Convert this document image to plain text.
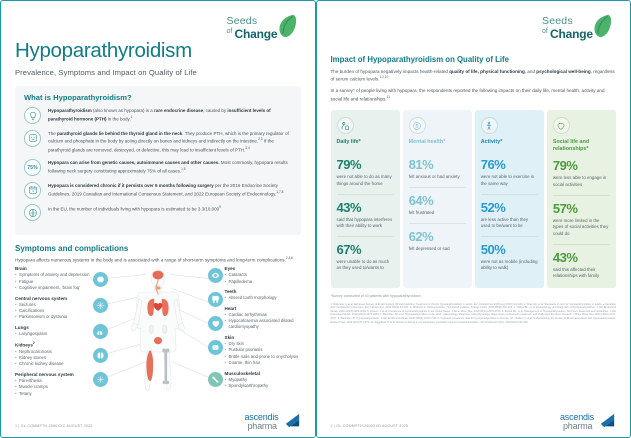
Seeds
of Change
Hypoparathyroidism
Prevalence, Symptoms and Impact on Quality of Life
What is Hypoparathyroidism?
Hypoparathyroidism (also known as hypopara) is a rare endocrine disease, caused by insufficient levels of parathyroid hormone (PTH) in the body.$^1$
The parathyroid glands lie behind the thyroid gland in the neck. They produce PTH, which is the primary regulator of calcium and phosphate in the body by acting directly on bones and kidneys and indirectly on the intestine.$^{2,3}$ If the parathyroid glands are removed, destroyed, or defective, this may lead to insufficient levels of PTH.$^{3,4}$
75%
Hypopara can arise from genetic causes, autoimmune causes and other causes. Most commonly, hypopara results following neck surgery constituting approximately 75% of all cases.$^{1,5}$
Hypopara is considered chronic if it persists over 6 months following surgery per the 2016 Endocrine Society Guidelines, 2019 Canadian and International Consensus Statement, and 2022 European Society of Endocrinology.$^{1,7,8}$
In the EU, the number of individuals living with hypopara is estimated to be 3.3/10,000$^9$
Symptoms and complications
Hypopara affects numerous systems in the body and is associated with a range of short-term symptoms and long-term complications.$^{2,4,6}$
Brain
• Symptoms of anxiety and depression
• Fatigue
• Cognitive impairment, 'brain fog'
Central nervous system
• Seizures
• Calcifications
• Parkinsonism or dystonia
Lungs
• Laryngospasm
Kidneys$^2$
• Nephrocalcinosis
• Kidney stones
• Chronic kidney disease
Peripheral nervous system
• Paresthesia
• Muscle cramps
• Tetany
Eyes
• Cataracts
• Papilledema
Teeth
• Altered tooth morphology
Heart
• Cardiac arrhythmias
• Hypocalcaemia associated dilated cardiomyopathy
Skin
• Dry skin
• Pustular psoriasis
• Brittle nails and prone to onycholysis
• Coarse, thin hair
Musculoskeletal
• Myopathy
• Spondyloarthropathy
1 | GL-COMMPTH-2580XXC AUGUST 2025
ascendis
pharma
Seeds
of Change
Impact of Hypoparathyroidism on Quality of Life
The burden of hypopara negatively impacts health-related quality of life, physical functioning, and psychological well-being, regardless of serum calcium levels.$^{1,2,10}$
In a survey* of people living with hypopara, the respondents reported the following impacts on their daily life, mental health, activity and social life and relationships.$^{11}$
Daily life*
79%
were not able to do as many things around the home
43%
said that hypopara interferes with their ability to work
67%
were unable to do as much as they used to/wants to
Mental health*
81%
felt anxious or had anxiety
64%
felt frustrated
62%
felt depressed or sad
Activity*
76%
were not able to exercise in the same way
52%
are less active than they used to be/want to be
50%
were not as mobile (including ability to walk)
Social life and relationships*
79%
were less able to engage in social activities
57%
were more limited in the types of social activities they could do
43%
said this affected their relationships with family
*Survey conducted of 43 patients with hypoparathyroidism.
1. Bollerslev J, et al. European Society of Endocrinology Clinical Guideline: Treatment of chronic hypoparathyroidism in adults. Eur J Endocrinol. 2015 Aug;173(2):G1-G20. 2. Khan AA, et al. Standards of care for hypoparathyroidism in adults: a Canadian and International Consensus. Eur J Endocrinol. 2019;180(3):P1-P22. 3. Shoback D. Clinical practice. Hypoparathyroidism. N Engl J Med. 2008;359(4):391-403. 4. Clarke BL, et al. Epidemiology and Diagnosis of Hypoparathyroidism. J Clin Endocrinol Metab. 2016;101(6):2284-2299. 5. Powers J, et al. Prevalence of hypoparathyroidism in the United States. J Bone Miner Res. 2013;28(12):2570-2576. 6. Brandi ML, et al. Management of Hypoparathyroidism: Summary Statement and Guidelines. J Clin Endocrinol Metab. 2016;101(6):2273-2283. 7. Bilezikian JP, et al. Hypoparathyroidism in the adult: epidemiology, diagnosis, pathophysiology, target-organ involvement, treatment, and challenges for future research. J Bone Miner Res. 2011;26(10):2317-2337. 8. Bilezikian JP. Hypoparathyroidism. J Clin Endocrinol Metab. 2020;105(6):1722-1736. 9. Orphanet prevalence data for hypoparathyroidism in Europe. 10. Hadker N, et al. Understanding the burden of illness associated with hypoparathyroidism. Endocr Pract. 2014;20(7):671-679. 11. Siggelkow H, et al. Burden of illness in not adequately controlled chronic hypoparathyroidism. Clin Endocrinol (Oxf). 2020;92(2):159-168.
2 | GL-COMMPTH-2600XXD AUGUST 2025
ascendis
pharma
